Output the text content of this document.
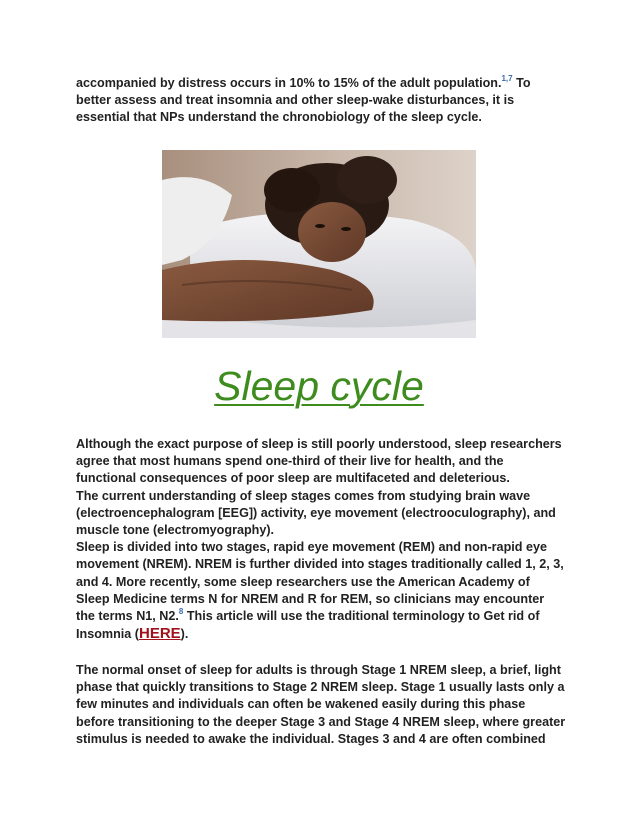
accompanied by distress occurs in 10% to 15% of the adult population.$^{1,7}$ To better assess and treat insomnia and other sleep-wake disturbances, it is essential that NPs understand the chronobiology of the sleep cycle.

Sleep cycle

Although the exact purpose of sleep is still poorly understood, sleep researchers agree that most humans spend one-third of their live for health, and the functional consequences of poor sleep are multifaceted and deleterious.
The current understanding of sleep stages comes from studying brain wave (electroencephalogram [EEG]) activity, eye movement (electrooculography), and muscle tone (electromyography).
Sleep is divided into two stages, rapid eye movement (REM) and non-rapid eye movement (NREM). NREM is further divided into stages traditionally called 1, 2, 3, and 4. More recently, some sleep researchers use the American Academy of Sleep Medicine terms N for NREM and R for REM, so clinicians may encounter the terms N1, N2.$^8$ This article will use the traditional terminology to Get rid of Insomnia (HERE).

The normal onset of sleep for adults is through Stage 1 NREM sleep, a brief, light phase that quickly transitions to Stage 2 NREM sleep. Stage 1 usually lasts only a few minutes and individuals can often be wakened easily during this phase before transitioning to the deeper Stage 3 and Stage 4 NREM sleep, where greater stimulus is needed to awake the individual. Stages 3 and 4 are often combined
